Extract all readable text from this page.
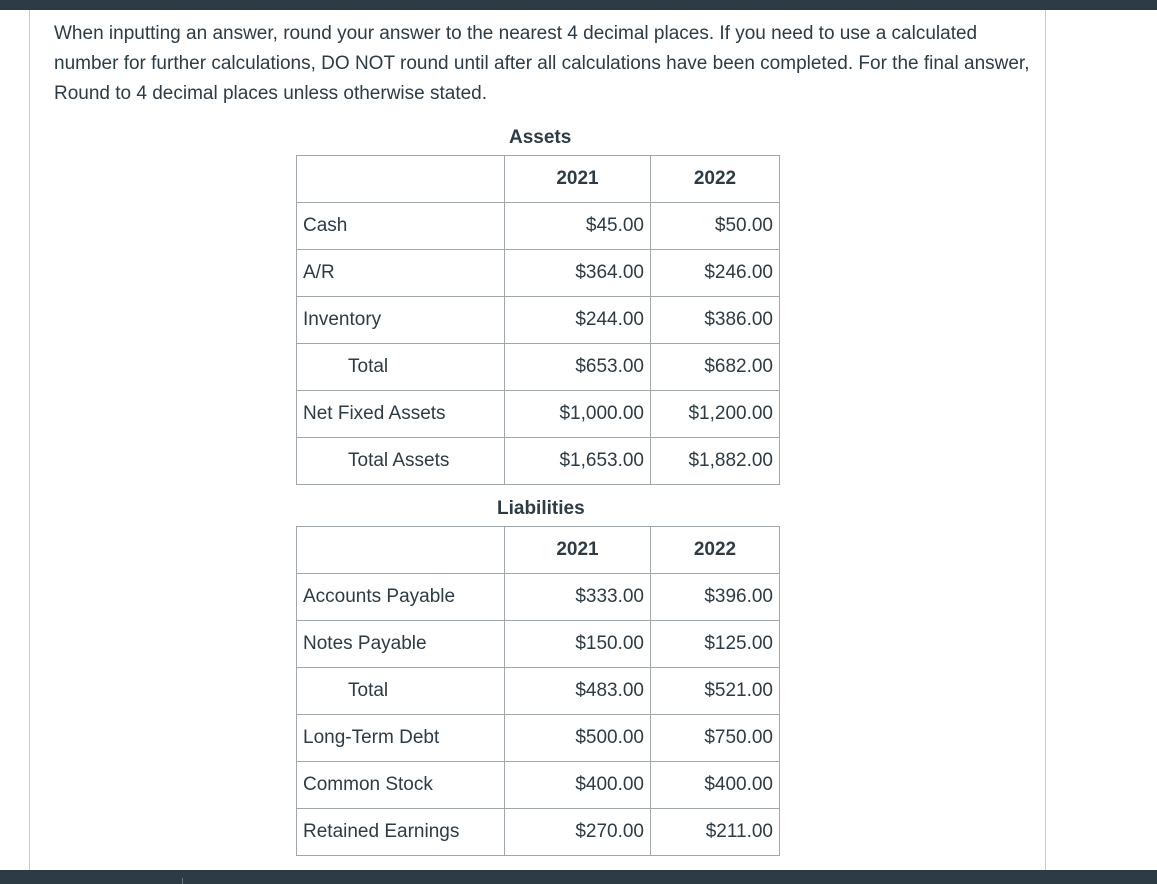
When inputting an answer, round your answer to the nearest 4 decimal places. If you need to use a calculated number for further calculations, DO NOT round until after all calculations have been completed. For the final answer, Round to 4 decimal places unless otherwise stated.
Assets
	2021	2022
Cash	$45.00	$50.00
A/R	$364.00	$246.00
Inventory	$244.00	$386.00
Total	$653.00	$682.00
Net Fixed Assets	$1,000.00	$1,200.00
Total Assets	$1,653.00	$1,882.00
Liabilities
	2021	2022
Accounts Payable	$333.00	$396.00
Notes Payable	$150.00	$125.00
Total	$483.00	$521.00
Long-Term Debt	$500.00	$750.00
Common Stock	$400.00	$400.00
Retained Earnings	$270.00	$211.00
